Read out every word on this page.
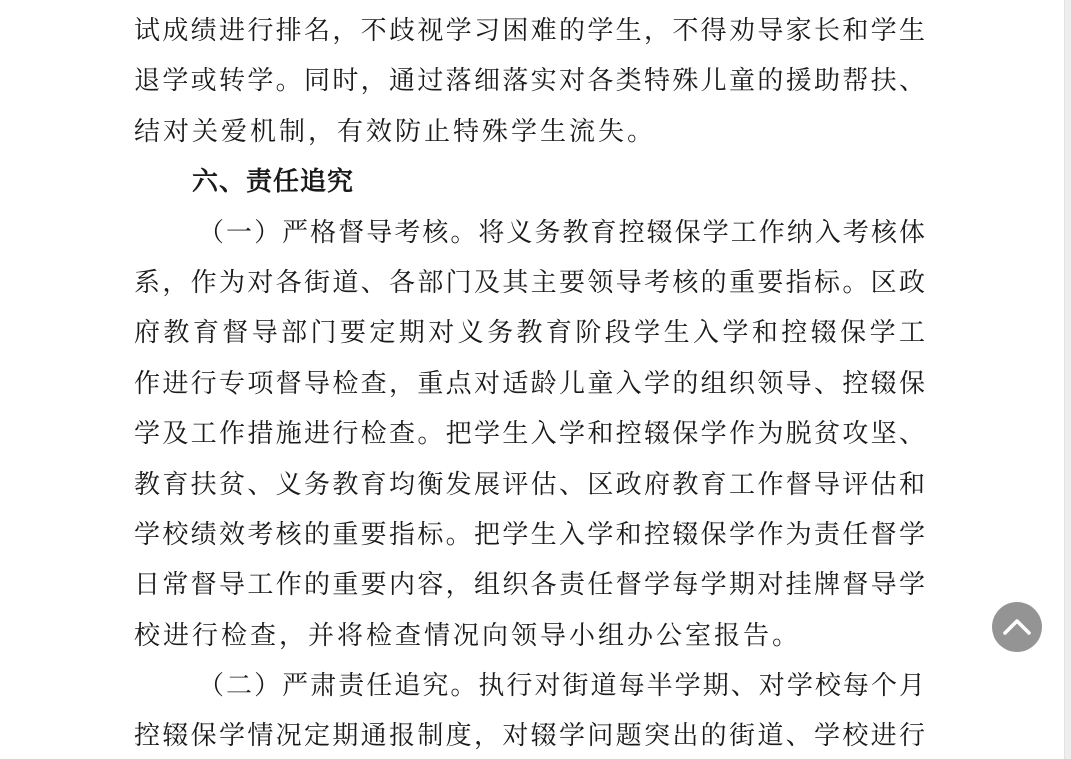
试成绩进行排名，不歧视学习困难的学生，不得劝导家长和学生
退学或转学。同时，通过落细落实对各类特殊儿童的援助帮扶、
结对关爱机制，有效防止特殊学生流失。
六、责任追究
（一）严格督导考核。将义务教育控辍保学工作纳入考核体
系，作为对各街道、各部门及其主要领导考核的重要指标。区政
府教育督导部门要定期对义务教育阶段学生入学和控辍保学工
作进行专项督导检查，重点对适龄儿童入学的组织领导、控辍保
学及工作措施进行检查。把学生入学和控辍保学作为脱贫攻坚、
教育扶贫、义务教育均衡发展评估、区政府教育工作督导评估和
学校绩效考核的重要指标。把学生入学和控辍保学作为责任督学
日常督导工作的重要内容，组织各责任督学每学期对挂牌督导学
校进行检查，并将检查情况向领导小组办公室报告。
（二）严肃责任追究。执行对街道每半学期、对学校每个月
控辍保学情况定期通报制度，对辍学问题突出的街道、学校进行
